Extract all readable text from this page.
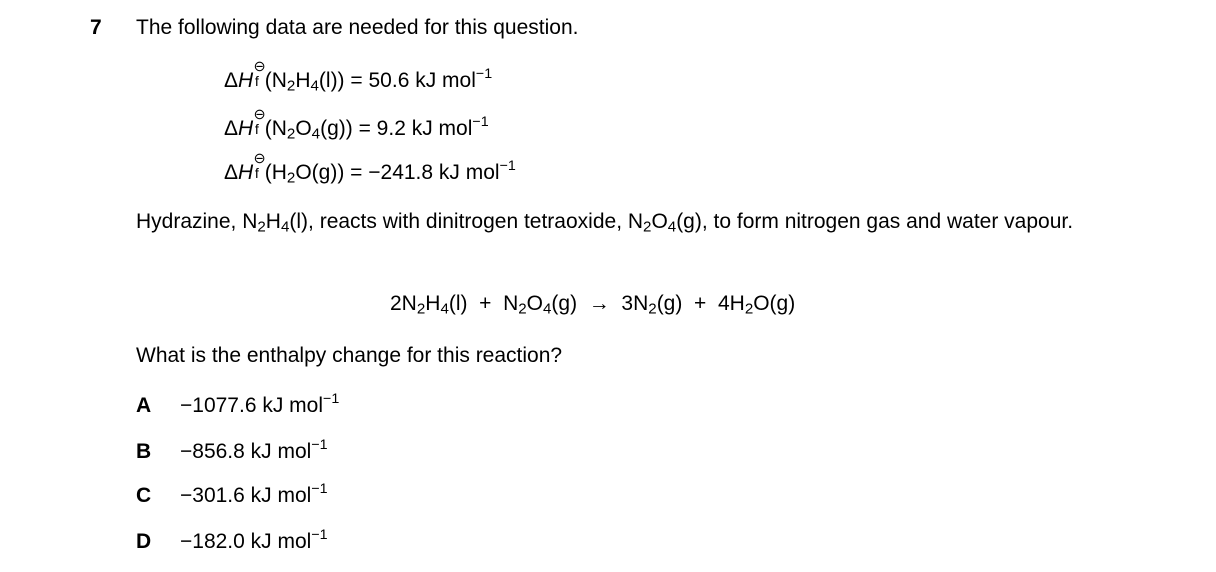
7 The following data are needed for this question.
ΔH
⊖
f $(N_2H_4(l)) = 50.6$ kJ mol$^{-1}$
ΔH
⊖
f $(N_2O_4(g)) = 9.2$ kJ mol$^{-1}$
ΔH
⊖
f $(H_2O(g)) = -241.8$ kJ mol$^{-1}$
Hydrazine, $N_2H_4(l)$, reacts with dinitrogen tetraoxide, $N_2O_4(g)$, to form nitrogen gas and water vapour.
$2N_2H_4(l) + N_2O_4(g) \to 3N_2(g) + 4H_2O(g)$
What is the enthalpy change for this reaction?
A −1077.6 kJ mol$^{-1}$
B −856.8 kJ mol$^{-1}$
C −301.6 kJ mol$^{-1}$
D −182.0 kJ mol$^{-1}$
